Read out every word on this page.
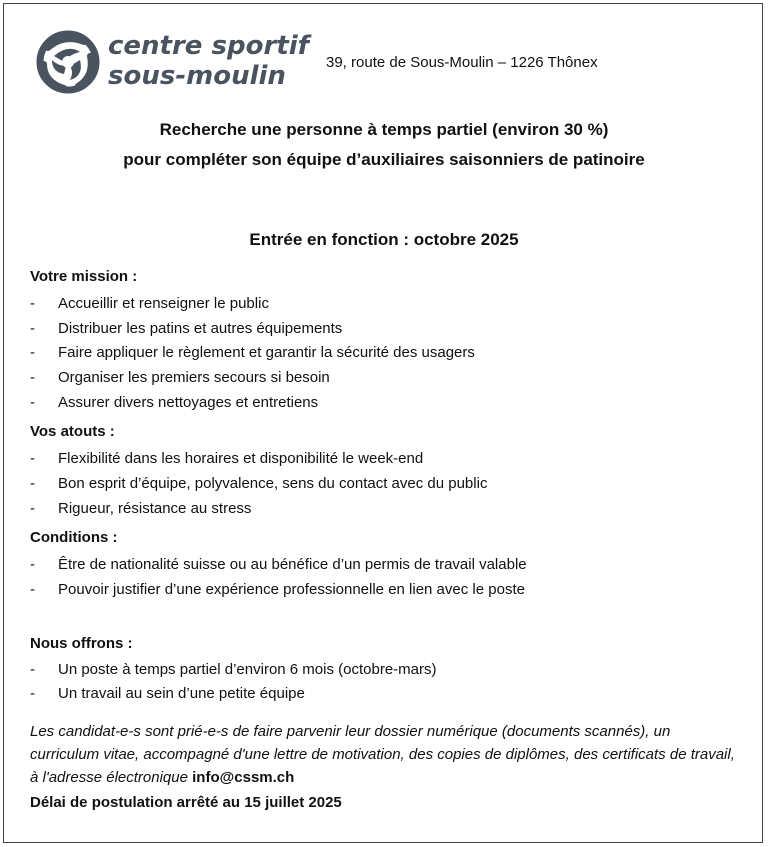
centre sportif
sous-moulin	39, route de Sous-Moulin – 1226 Thônex
Recherche une personne à temps partiel (environ 30 %)
pour compléter son équipe d’auxiliaires saisonniers de patinoire
Entrée en fonction : octobre 2025
Votre mission :
- Accueillir et renseigner le public
- Distribuer les patins et autres équipements
- Faire appliquer le règlement et garantir la sécurité des usagers
- Organiser les premiers secours si besoin
- Assurer divers nettoyages et entretiens
Vos atouts :
- Flexibilité dans les horaires et disponibilité le week-end
- Bon esprit d’équipe, polyvalence, sens du contact avec du public
- Rigueur, résistance au stress
Conditions :
- Être de nationalité suisse ou au bénéfice d’un permis de travail valable
- Pouvoir justifier d’une expérience professionnelle en lien avec le poste
Nous offrons :
- Un poste à temps partiel d’environ 6 mois (octobre-mars)
- Un travail au sein d’une petite équipe
Les candidat-e-s sont prié-e-s de faire parvenir leur dossier numérique (documents scannés), un curriculum vitae, accompagné d'une lettre de motivation, des copies de diplômes, des certificats de travail, à l'adresse électronique info@cssm.ch
Délai de postulation arrêté au 15 juillet 2025
